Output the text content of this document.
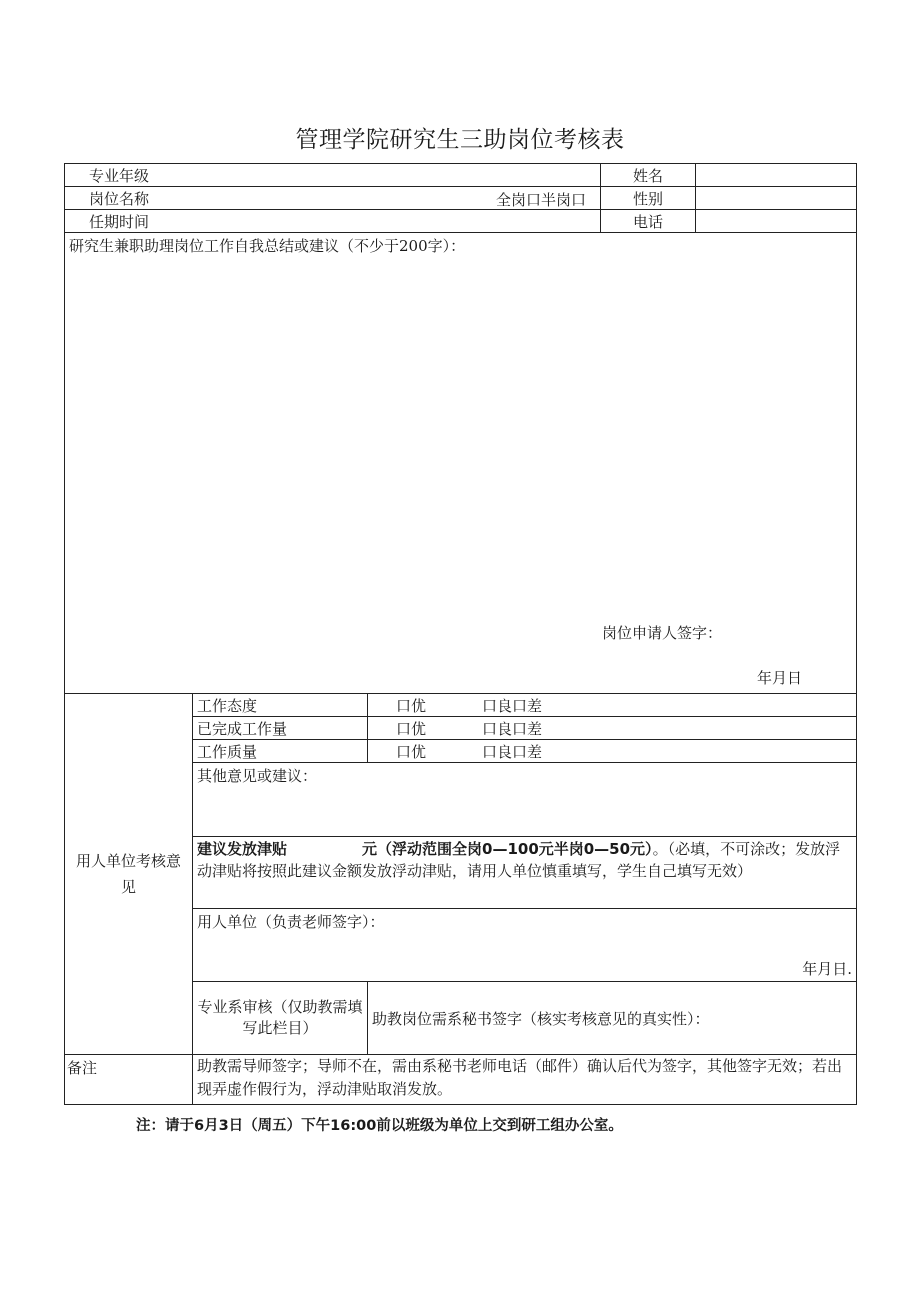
管理学院研究生三助岗位考核表
专业年级			姓名	
岗位名称 全岗口半岗口			性别	
任期时间			电话	

研究生兼职助理岗位工作自我总结或建议（不少于200字）：
岗位申请人签字：
年月日				

用人单位考核意见	工作态度	口优 口良口差		
	已完成工作量	口优 口良口差		
	工作质量	口优 口良口差		
	其他意见或建议：			
	建议发放津贴　　　　　元（浮动范围全岗0—100元半岗0—50元）。（必填，不可涂改；发放浮动津贴将按照此建议金额发放浮动津贴，请用人单位慎重填写，学生自己填写无效）			

	用人单位（负责老师签字）：
年月日.			

	专业系审核（仅助教需填写此栏目）	助教岗位需系秘书签字（核实考核意见的真实性）：		
备注	助教需导师签字；导师不在，需由系秘书老师电话（邮件）确认后代为签字，其他签字无效；若出现弄虚作假行为，浮动津贴取消发放。			
注：请于6月3日（周五）下午16:00前以班级为单位上交到研工组办公室。
